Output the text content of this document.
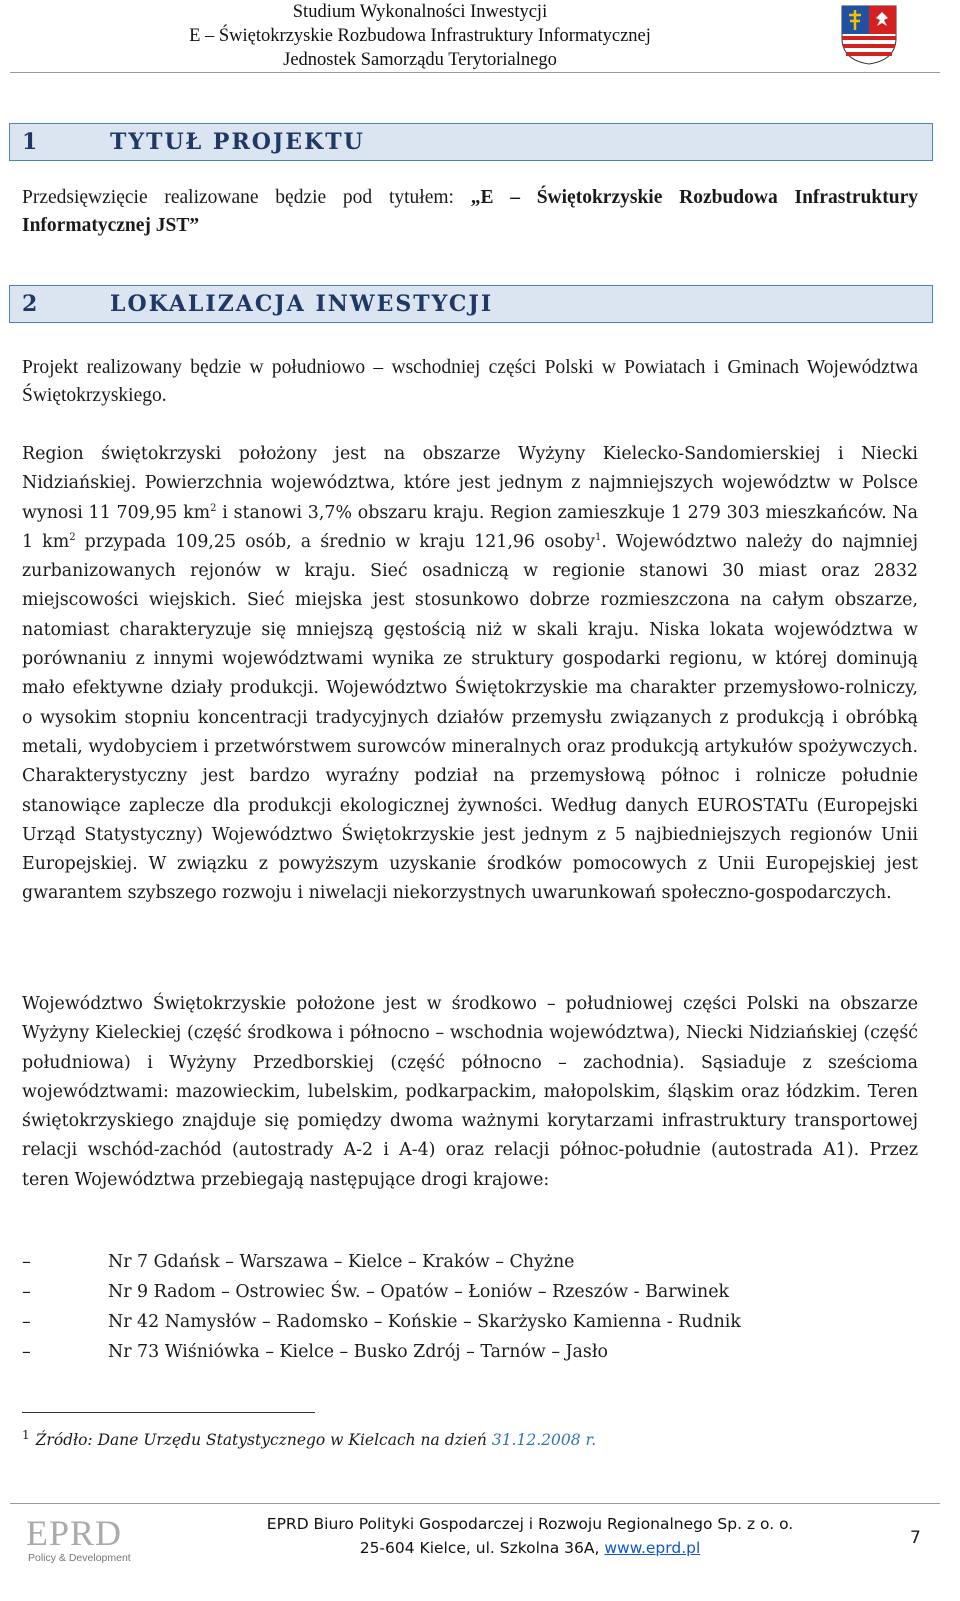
Studium Wykonalności Inwestycji
E – Świętokrzyskie Rozbudowa Infrastruktury Informatycznej
Jednostek Samorządu Terytorialnego
1	TYTUŁ PROJEKTU
Przedsięwzięcie realizowane będzie pod tytułem: „E – Świętokrzyskie Rozbudowa Infrastruktury Informatycznej JST”
2	LOKALIZACJA INWESTYCJI
Projekt realizowany będzie w południowo – wschodniej części Polski w Powiatach i Gminach Województwa Świętokrzyskiego.
Region świętokrzyski położony jest na obszarze Wyżyny Kielecko-Sandomierskiej i Niecki Nidziańskiej. Powierzchnia województwa, które jest jednym z najmniejszych województw w Polsce wynosi 11 709,95 $km^2$ i stanowi 3,7% obszaru kraju. Region zamieszkuje 1 279 303 mieszkańców. Na 1 $km^2$ przypada 109,25 osób, a średnio w kraju 121,96 osoby$^1$. Województwo należy do najmniej zurbanizowanych rejonów w kraju. Sieć osadniczą w regionie stanowi 30 miast oraz 2832 miejscowości wiejskich. Sieć miejska jest stosunkowo dobrze rozmieszczona na całym obszarze, natomiast charakteryzuje się mniejszą gęstością niż w skali kraju. Niska lokata województwa w porównaniu z innymi województwami wynika ze struktury gospodarki regionu, w której dominują mało efektywne działy produkcji. Województwo Świętokrzyskie ma charakter przemysłowo-rolniczy, o wysokim stopniu koncentracji tradycyjnych działów przemysłu związanych z produkcją i obróbką metali, wydobyciem i przetwórstwem surowców mineralnych oraz produkcją artykułów spożywczych. Charakterystyczny jest bardzo wyraźny podział na przemysłową północ i rolnicze południe stanowiące zaplecze dla produkcji ekologicznej żywności. Według danych EUROSTATu (Europejski Urząd Statystyczny) Województwo Świętokrzyskie jest jednym z 5 najbiedniejszych regionów Unii Europejskiej. W związku z powyższym uzyskanie środków pomocowych z Unii Europejskiej jest gwarantem szybszego rozwoju i niwelacji niekorzystnych uwarunkowań społeczno-gospodarczych.
Województwo Świętokrzyskie położone jest w środkowo – południowej części Polski na obszarze Wyżyny Kieleckiej (część środkowa i północno – wschodnia województwa), Niecki Nidziańskiej (część południowa) i Wyżyny Przedborskiej (część północno – zachodnia). Sąsiaduje z sześcioma województwami: mazowieckim, lubelskim, podkarpackim, małopolskim, śląskim oraz łódzkim. Teren świętokrzyskiego znajduje się pomiędzy dwoma ważnymi korytarzami infrastruktury transportowej relacji wschód-zachód (autostrady A-2 i A-4) oraz relacji północ-południe (autostrada A1). Przez teren Województwa przebiegają następujące drogi krajowe:
–	Nr 7 Gdańsk – Warszawa – Kielce – Kraków – Chyżne
–	Nr 9 Radom – Ostrowiec Św. – Opatów – Łoniów – Rzeszów - Barwinek
–	Nr 42 Namysłów – Radomsko – Końskie – Skarżysko Kamienna - Rudnik
–	Nr 73 Wiśniówka – Kielce – Busko Zdrój – Tarnów – Jasło
$^1$ Źródło: Dane Urzędu Statystycznego w Kielcach na dzień 31.12.2008 r.
EPRD
Policy & Development
EPRD Biuro Polityki Gospodarczej i Rozwoju Regionalnego Sp. z o. o.
25-604 Kielce, ul. Szkolna 36A, www.eprd.pl	7
